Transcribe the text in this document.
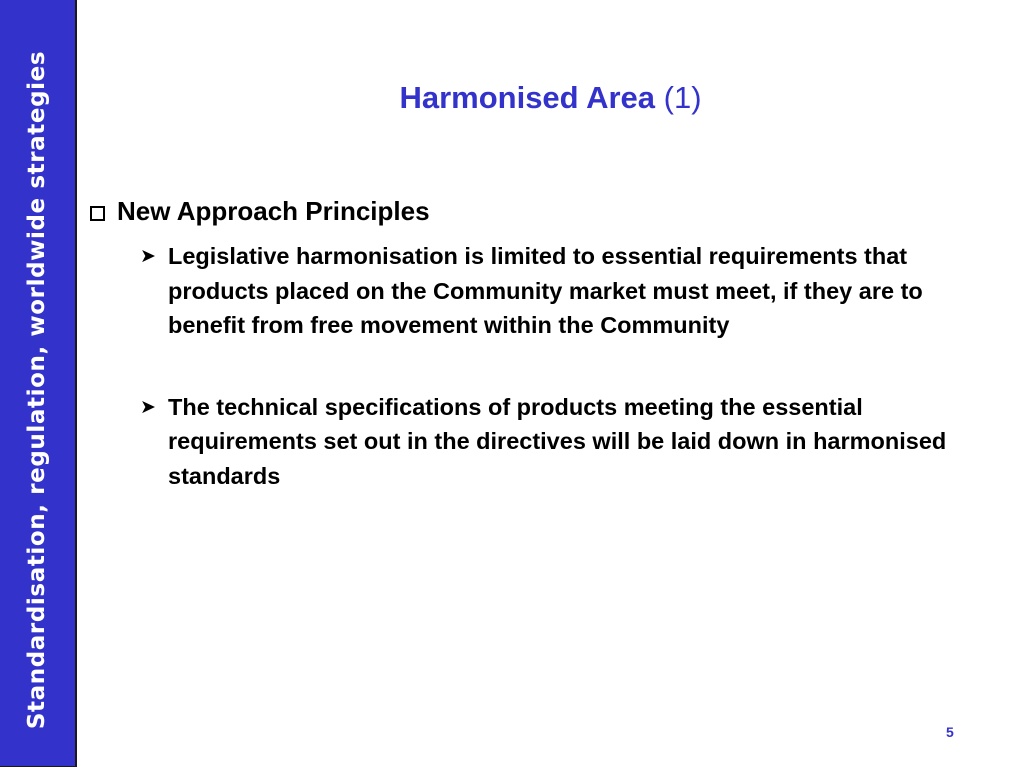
Standardisation, regulation, worldwide strategies	Harmonised Area (1)
New Approach Principles
➤ Legislative harmonisation is limited to essential requirements that products placed on the Community market must meet, if they are to benefit from free movement within the Community
➤ The technical specifications of products meeting the essential requirements set out in the directives will be laid down in harmonised standards
5
